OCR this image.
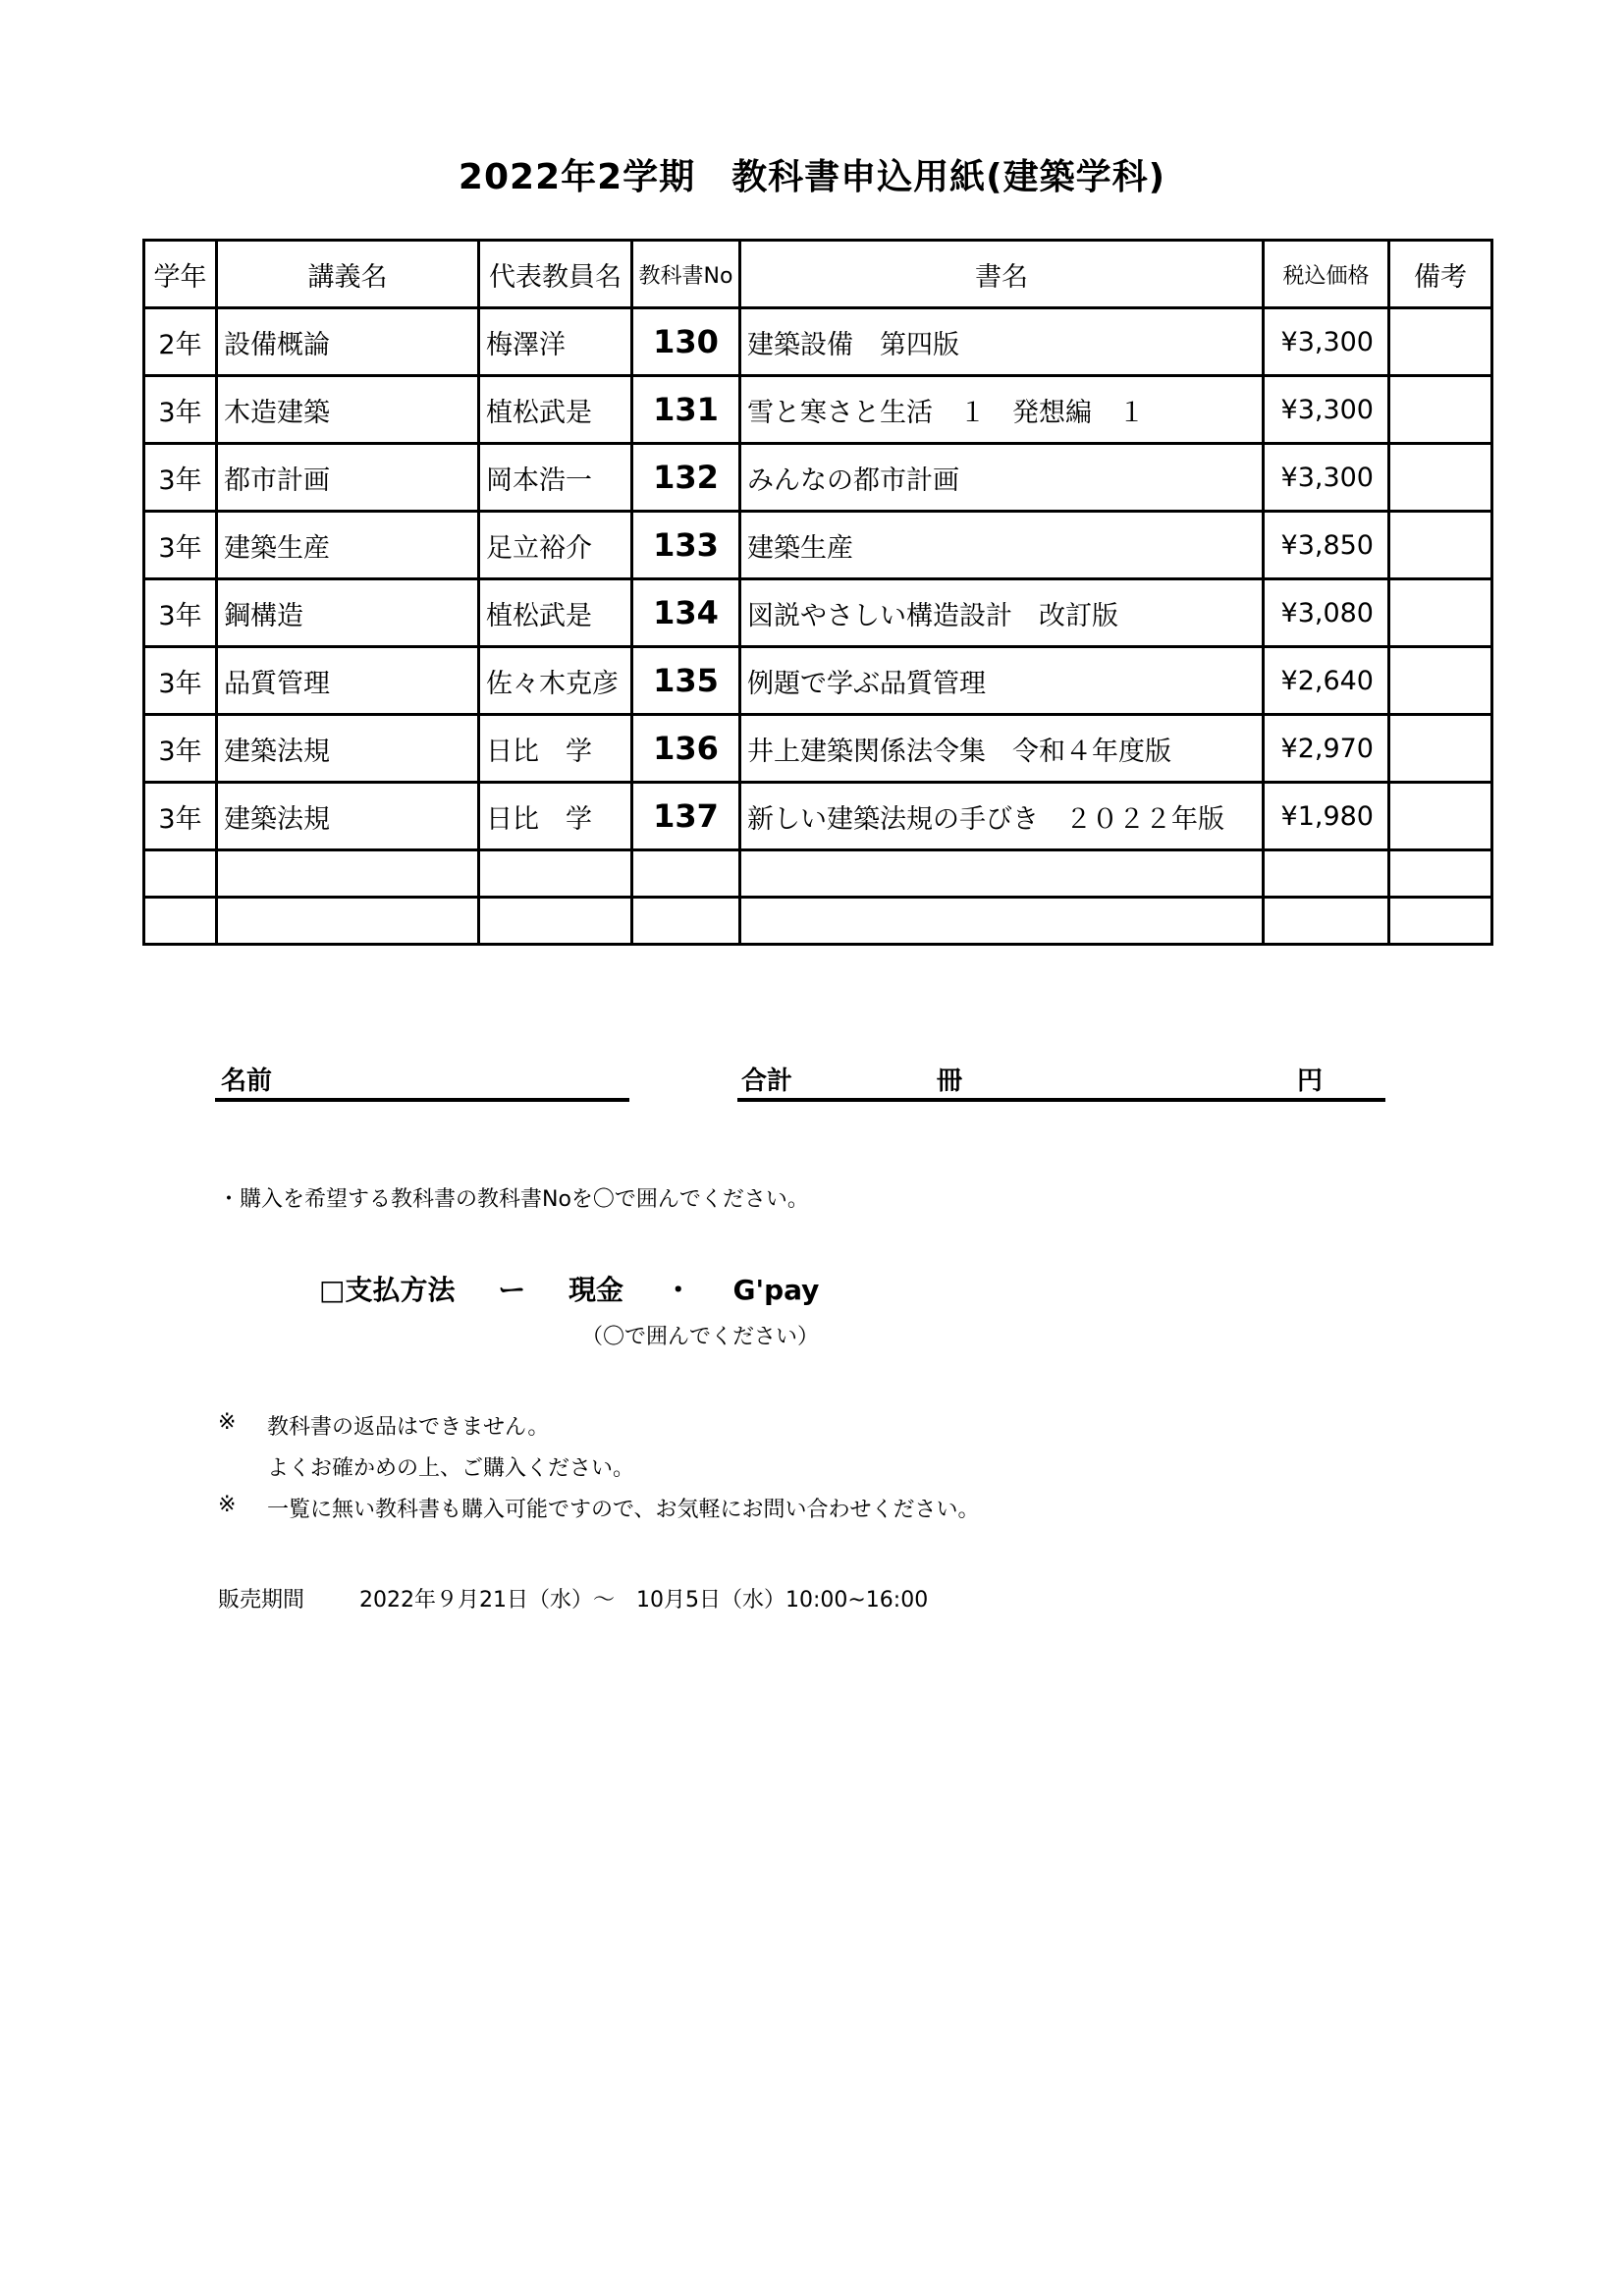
2022年2学期　教科書申込用紙(建築学科)
学年	講義名	代表教員名	教科書No	書名	税込価格	備考
2年	設備概論	梅澤洋	130	建築設備　第四版	¥3,300	
3年	木造建築	植松武是	131	雪と寒さと生活　１　発想編　１	¥3,300	
3年	都市計画	岡本浩一	132	みんなの都市計画	¥3,300	
3年	建築生産	足立裕介	133	建築生産	¥3,850	
3年	鋼構造	植松武是	134	図説やさしい構造設計　改訂版	¥3,080	
3年	品質管理	佐々木克彦	135	例題で学ぶ品質管理	¥2,640	
3年	建築法規	日比　学	136	井上建築関係法令集　令和４年度版	¥2,970	
3年	建築法規	日比　学	137	新しい建築法規の手びき　２０２２年版	¥1,980	

名前	合計	冊	円
・購入を希望する教科書の教科書Noを〇で囲んでください。
□支払方法 ー 現金 ・ G'pay
（〇で囲んでください）
※ 教科書の返品はできません。
よくお確かめの上、ご購入ください。
※ 一覧に無い教科書も購入可能ですので、お気軽にお問い合わせください。
販売期間	2022年９月21日（水）～　10月5日（水）10:00~16:00
